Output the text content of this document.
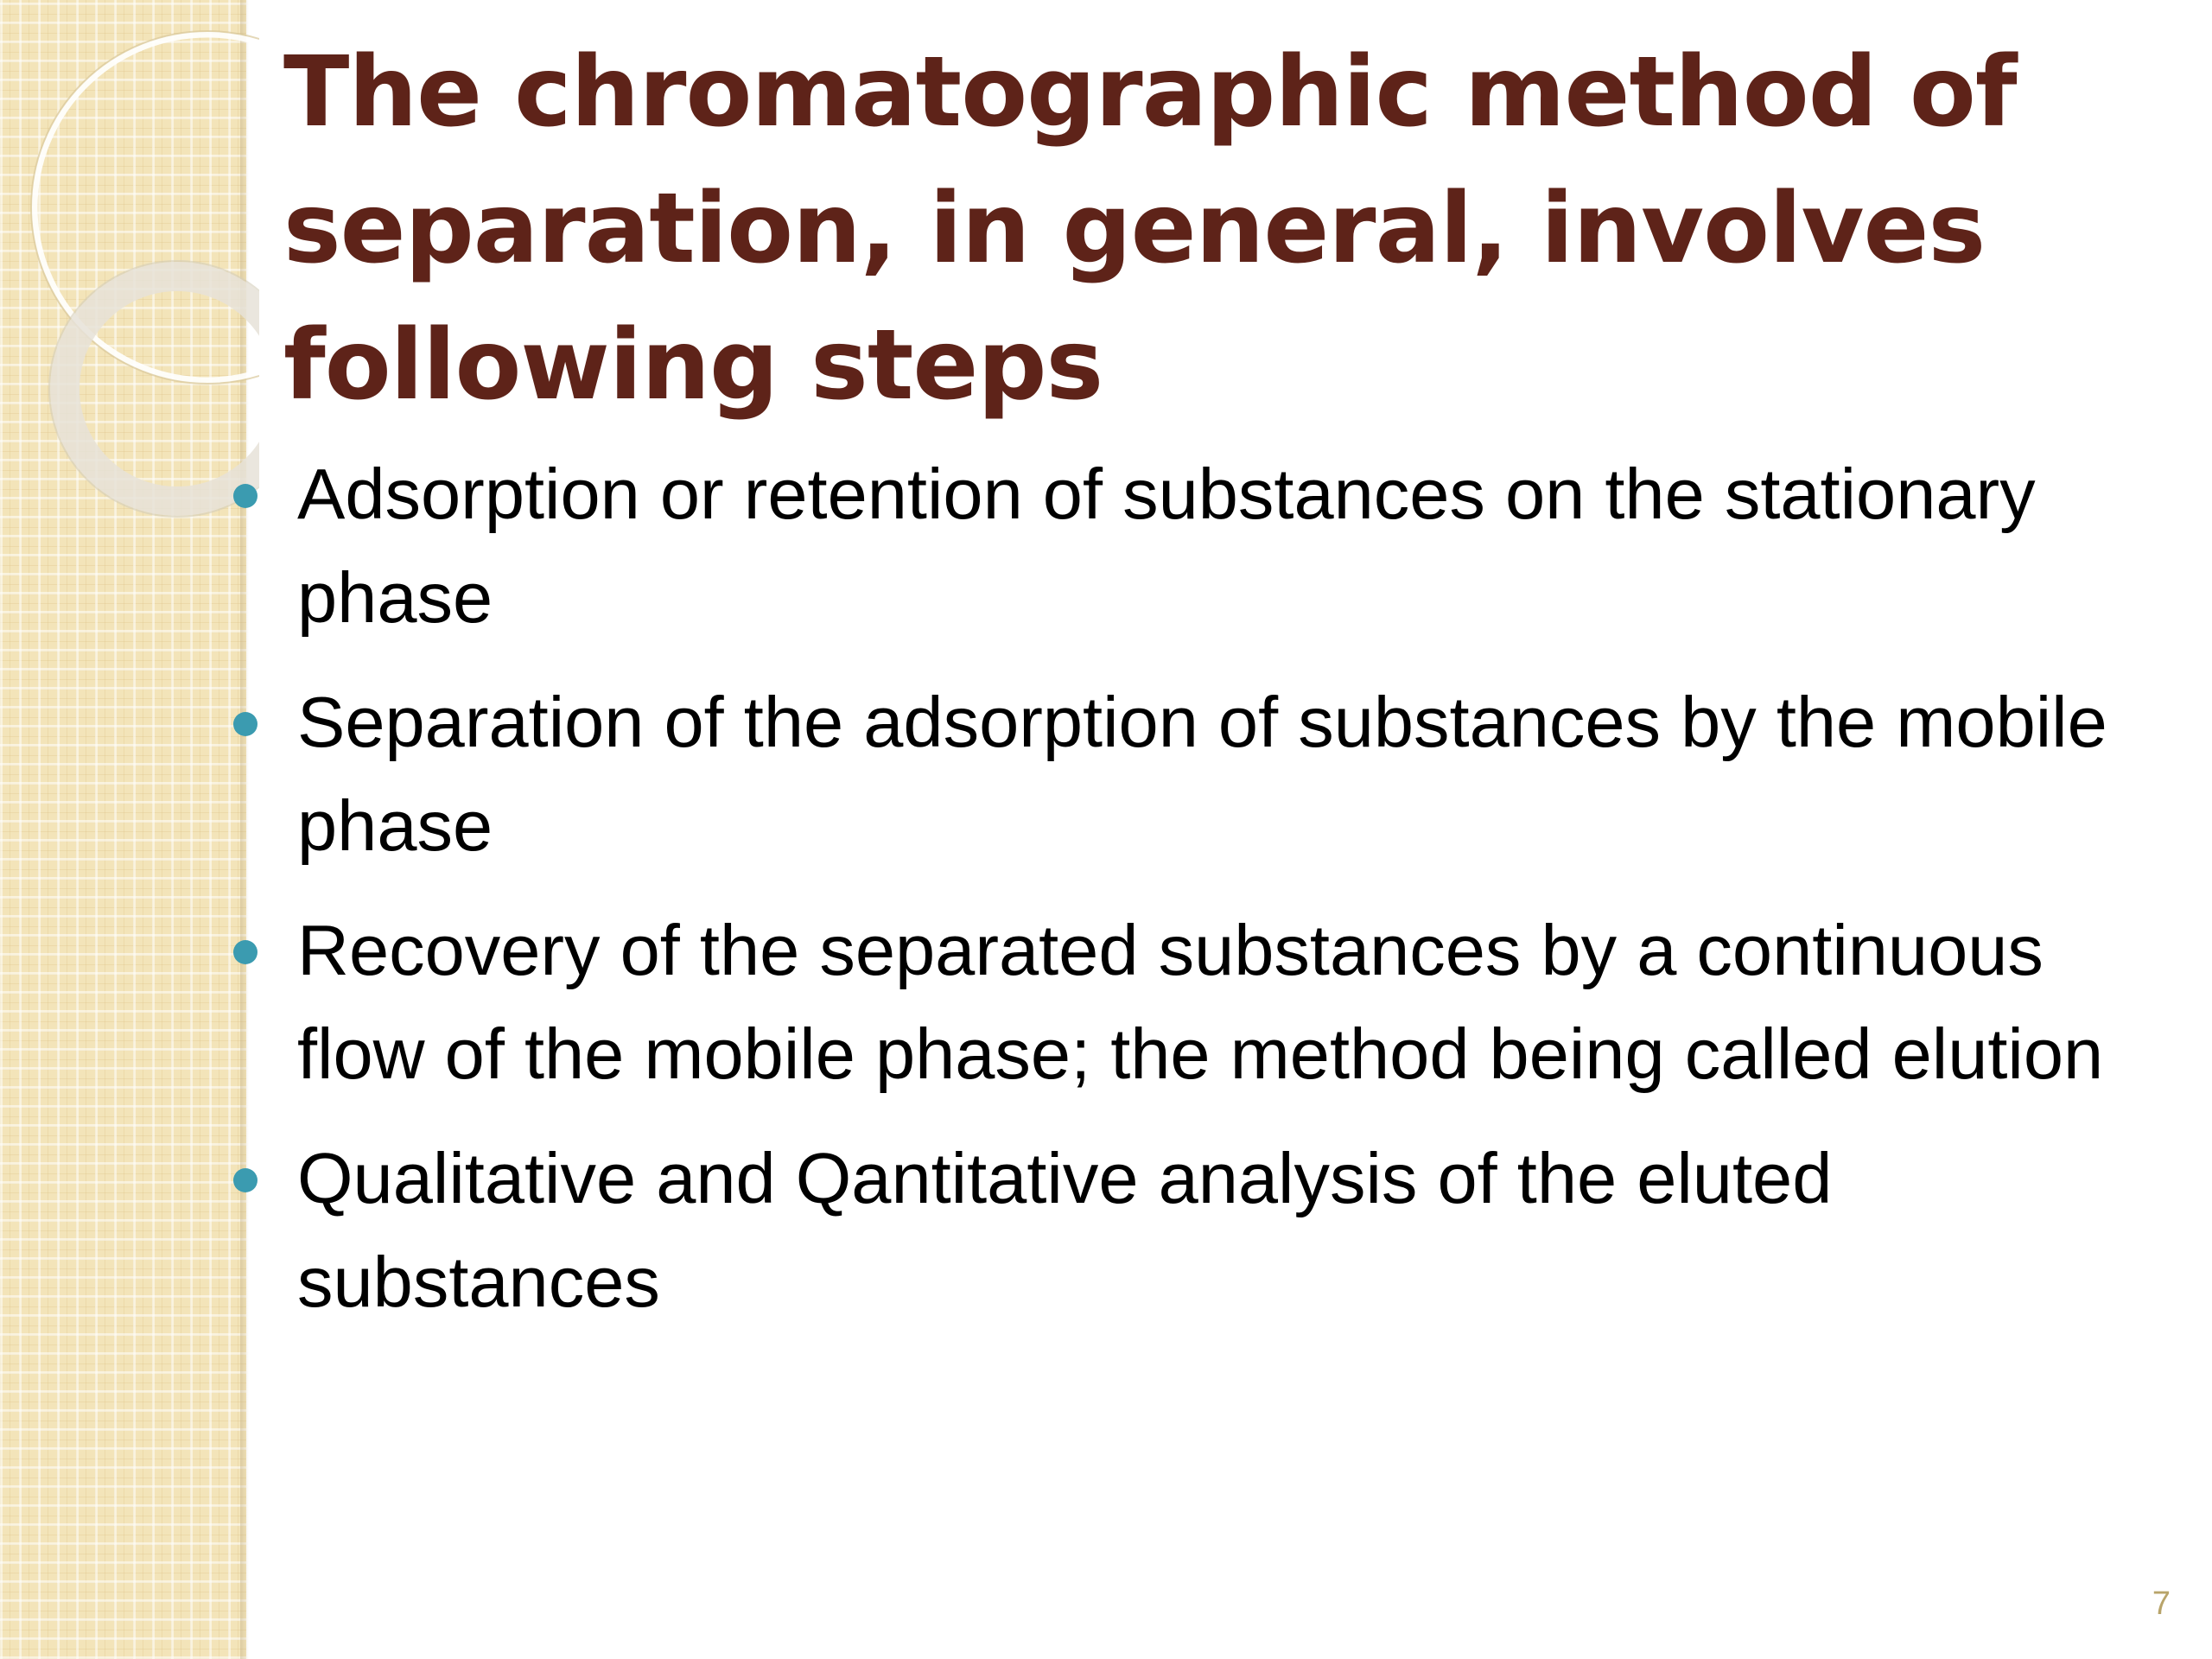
The chromatographic method of separation, in general, involves following steps
Adsorption or retention of substances on the stationary phase
Separation of the adsorption of substances by the mobile phase
Recovery of the separated substances by a continuous flow of the mobile phase; the method being called elution
Qualitative and Qantitative analysis of the eluted substances
7
